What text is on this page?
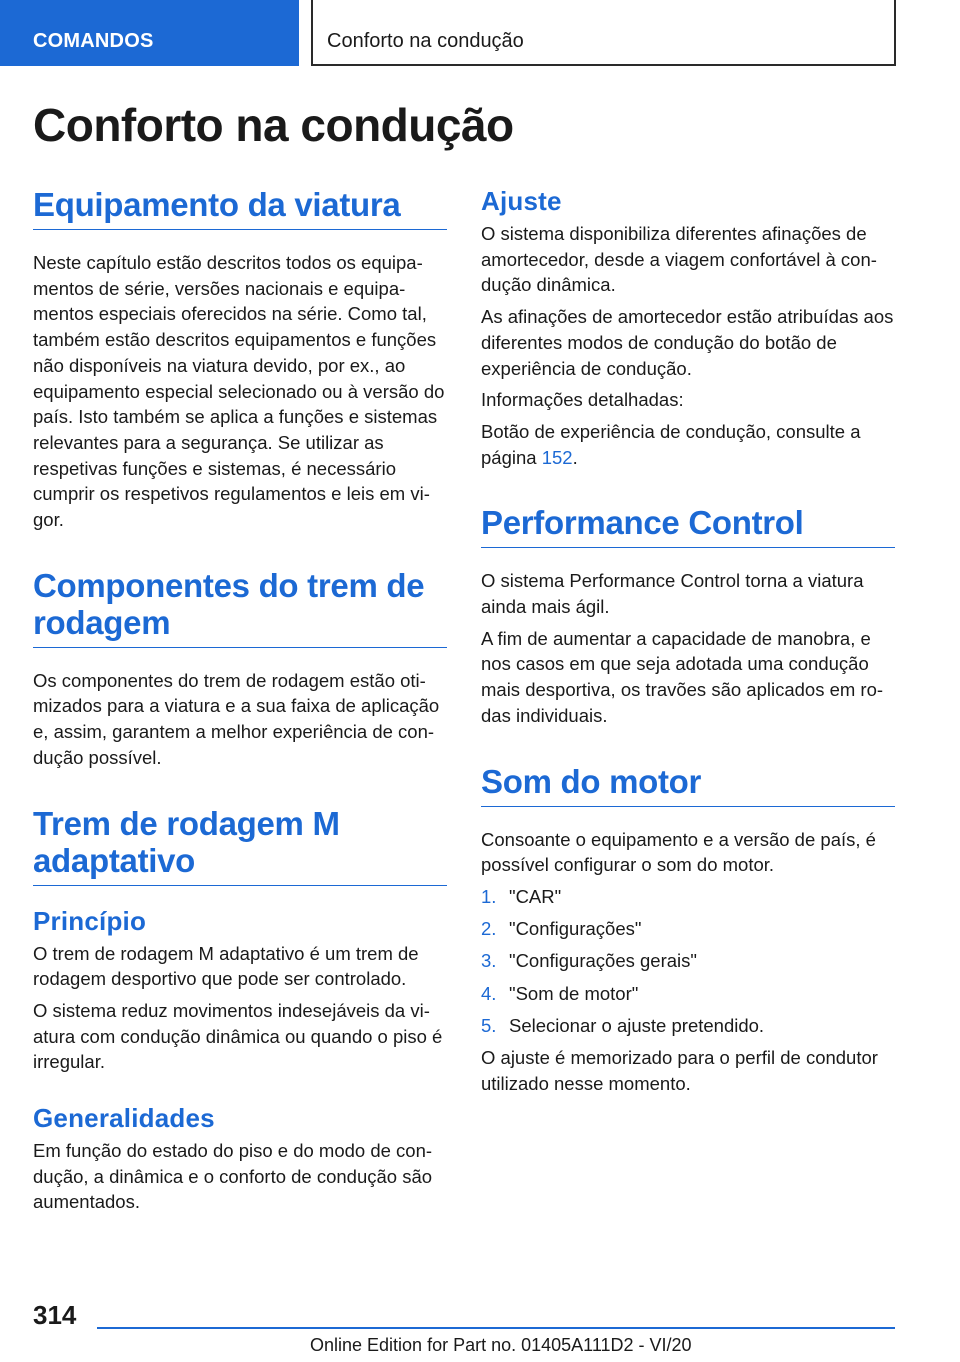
COMANDOS	Conforto na condução
Conforto na condução
Equipamento da viatura

Neste capítulo estão descritos todos os equipamentos de série, versões nacionais e equipamentos especiais oferecidos na série. Como tal, também estão descritos equipamentos e funções não disponíveis na viatura devido, por ex., ao equipamento especial selecionado ou à versão do país. Isto também se aplica a funções e sistemas relevantes para a segurança. Se utilizar as respetivas funções e sistemas, é necessário cumprir os respetivos regulamentos e leis em vigor.

Componentes do trem de rodagem

Os componentes do trem de rodagem estão otimizados para a viatura e a sua faixa de aplicação e, assim, garantem a melhor experiência de condução possível.

Trem de rodagem M adaptativo
Princípio

O trem de rodagem M adaptativo é um trem de rodagem desportivo que pode ser controlado.

O sistema reduz movimentos indesejáveis da viatura com condução dinâmica ou quando o piso é irregular.

Generalidades

Em função do estado do piso e do modo de condução, a dinâmica e o conforto de condução são aumentados.

Ajuste

O sistema disponibiliza diferentes afinações de amortecedor, desde a viagem confortável à condução dinâmica.

As afinações de amortecedor estão atribuídas aos diferentes modos de condução do botão de experiência de condução.

Informações detalhadas:

Botão de experiência de condução, consulte a página 152.

Performance Control

O sistema Performance Control torna a viatura ainda mais ágil.

A fim de aumentar a capacidade de manobra, e nos casos em que seja adotada uma condução mais desportiva, os travões são aplicados em rodas individuais.

Som do motor

Consoante o equipamento e a versão de país, é possível configurar o som do motor.

1. "CAR"
2. "Configurações"
3. "Configurações gerais"
4. "Som de motor"
5. Selecionar o ajuste pretendido.

O ajuste é memorizado para o perfil de condutor utilizado nesse momento.

314
Online Edition for Part no. 01405A111D2 - VI/20
